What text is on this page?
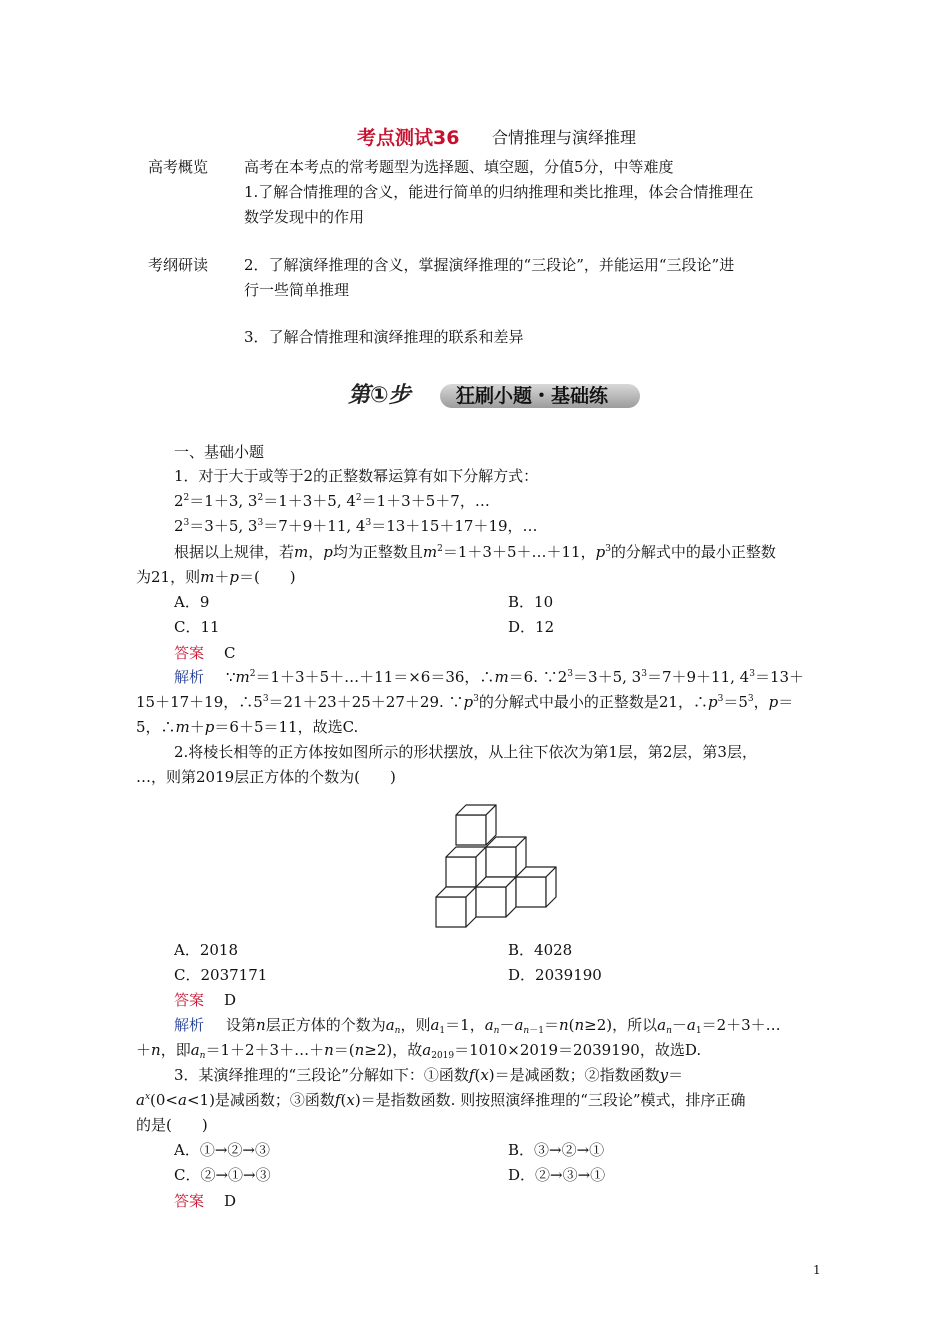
考点测试36 合情推理与演绎推理
高考概览 高考在本考点的常考题型为选择题、填空题，分值5分，中等难度
1.了解合情推理的含义，能进行简单的归纳推理和类比推理，体会合情推理在
数学发现中的作用
考纲研读 2．了解演绎推理的含义，掌握演绎推理的“三段论”，并能运用“三段论”进
行一些简单推理
3．了解合情推理和演绎推理的联系和差异
第①步 狂刷小题・基础练
一、基础小题
1．对于大于或等于2的正整数幂运算有如下分解方式：
$2^2=1+3$, $3^2=1+3+5$, $4^2=1+3+5+7$，…
$2^3=3+5$, $3^3=7+9+11$, $4^3=13+15+17+19$，…
根据以上规律，若m，p均为正整数且$m^2=1+3+5+\dots+11$，$p^3$的分解式中的最小正整数
为21，则m＋p＝(　　)
A．9	B．10
C．11	D．12
答案 C
解析 $\because m^2=1+3+5+\dots+11=\times 6=36$，∴m＝6. $\because 2^3=3+5$, $3^3=7+9+11$, $4^3=13+$
15＋17＋19，$\therefore 5^3=21+23+25+27+29$. $\because p^3$的分解式中最小的正整数是21，$\therefore p^3=5^3$，p＝
5，∴m＋p＝6＋5＝11，故选C.
2.将棱长相等的正方体按如图所示的形状摆放，从上往下依次为第1层，第2层，第3层，
…，则第2019层正方体的个数为(　　)
A．2018	B．4028
C．2037171	D．2039190
答案 D
解析 设第n层正方体的个数为$a_n$，则$a_1=1$，$a_n-a_{n-1}=n(n\ge 2)$，所以$a_n-a_1=2+3+\dots$
＋n，即$a_n=1+2+3+\dots+n=(n\ge 2)$，故$a_{2019}=1010\times 2019=2039190$，故选D.
3．某演绎推理的“三段论”分解如下：①函数f(x)＝是减函数；②指数函数y＝
$a^x(0<a<1)$是减函数；③函数f(x)＝是指数函数. 则按照演绎推理的“三段论”模式，排序正确
的是(　　)
A．①→②→③	B．③→②→①
C．②→①→③	D．②→③→①
答案 D
1
